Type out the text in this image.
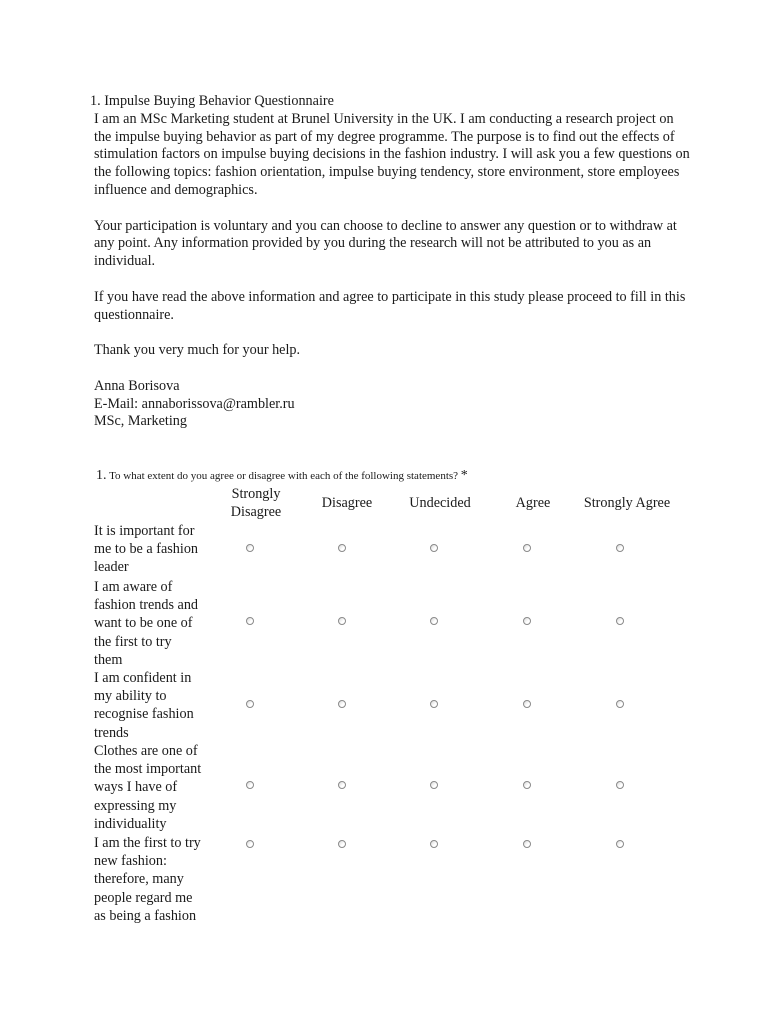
1. Impulse Buying Behavior Questionnaire

I am an MSc Marketing student at Brunel University in the UK. I am conducting a research project on the impulse buying behavior as part of my degree programme. The purpose is to find out the effects of stimulation factors on impulse buying decisions in the fashion industry. I will ask you a few questions on the following topics: fashion orientation, impulse buying tendency, store environment, store employees influence and demographics.

Your participation is voluntary and you can choose to decline to answer any question or to withdraw at any point. Any information provided by you during the research will not be attributed to you as an individual.

If you have read the above information and agree to participate in this study please proceed to fill in this questionnaire.

Thank you very much for your help.

Anna Borisova

E-Mail: annaborissova@rambler.ru

MSc, Marketing

1. To what extent do you agree or disagree with each of the following statements? *
Strongly
Disagree
Disagree	Undecided	Agree Strongly Agree
It is important for
me to be a fashion
leader
I am aware of
fashion trends and
want to be one of
the first to try
them
I am confident in
my ability to
recognise fashion
trends
Clothes are one of
the most important
ways I have of
expressing my
individuality
I am the first to try
new fashion:
therefore, many
people regard me
as being a fashion
